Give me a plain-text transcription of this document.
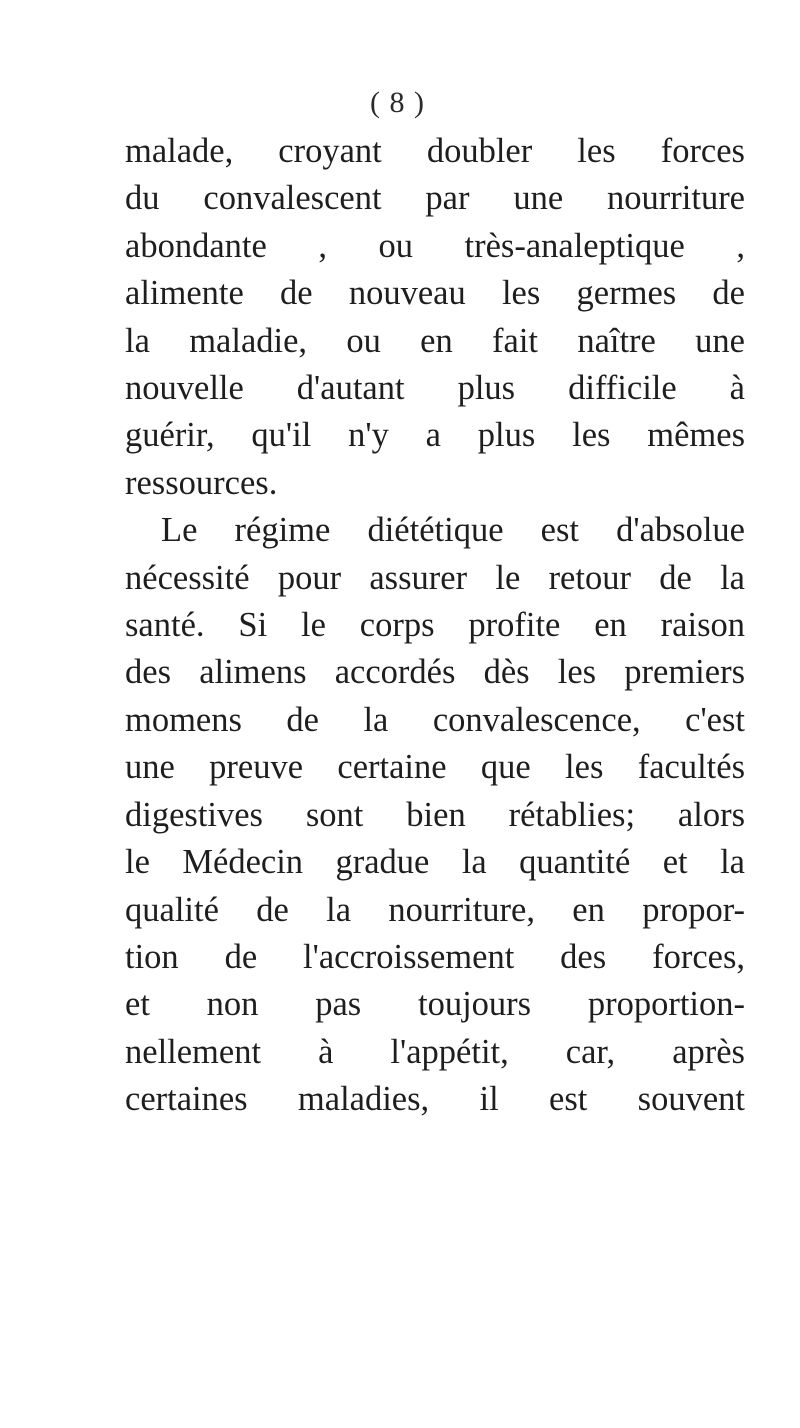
( 8 )
malade, croyant doubler les forces
du convalescent par une nourriture
abondante , ou très-analeptique ,
alimente de nouveau les germes de
la maladie, ou en fait naître une
nouvelle d'autant plus difficile à
guérir, qu'il n'y a plus les mêmes
ressources.
Le régime diététique est d'absolue
nécessité pour assurer le retour de la
santé. Si le corps profite en raison
des alimens accordés dès les premiers
momens de la convalescence, c'est
une preuve certaine que les facultés
digestives sont bien rétablies; alors
le Médecin gradue la quantité et la
qualité de la nourriture, en propor-
tion de l'accroissement des forces,
et non pas toujours proportion-
nellement à l'appétit, car, après
certaines maladies, il est souvent
